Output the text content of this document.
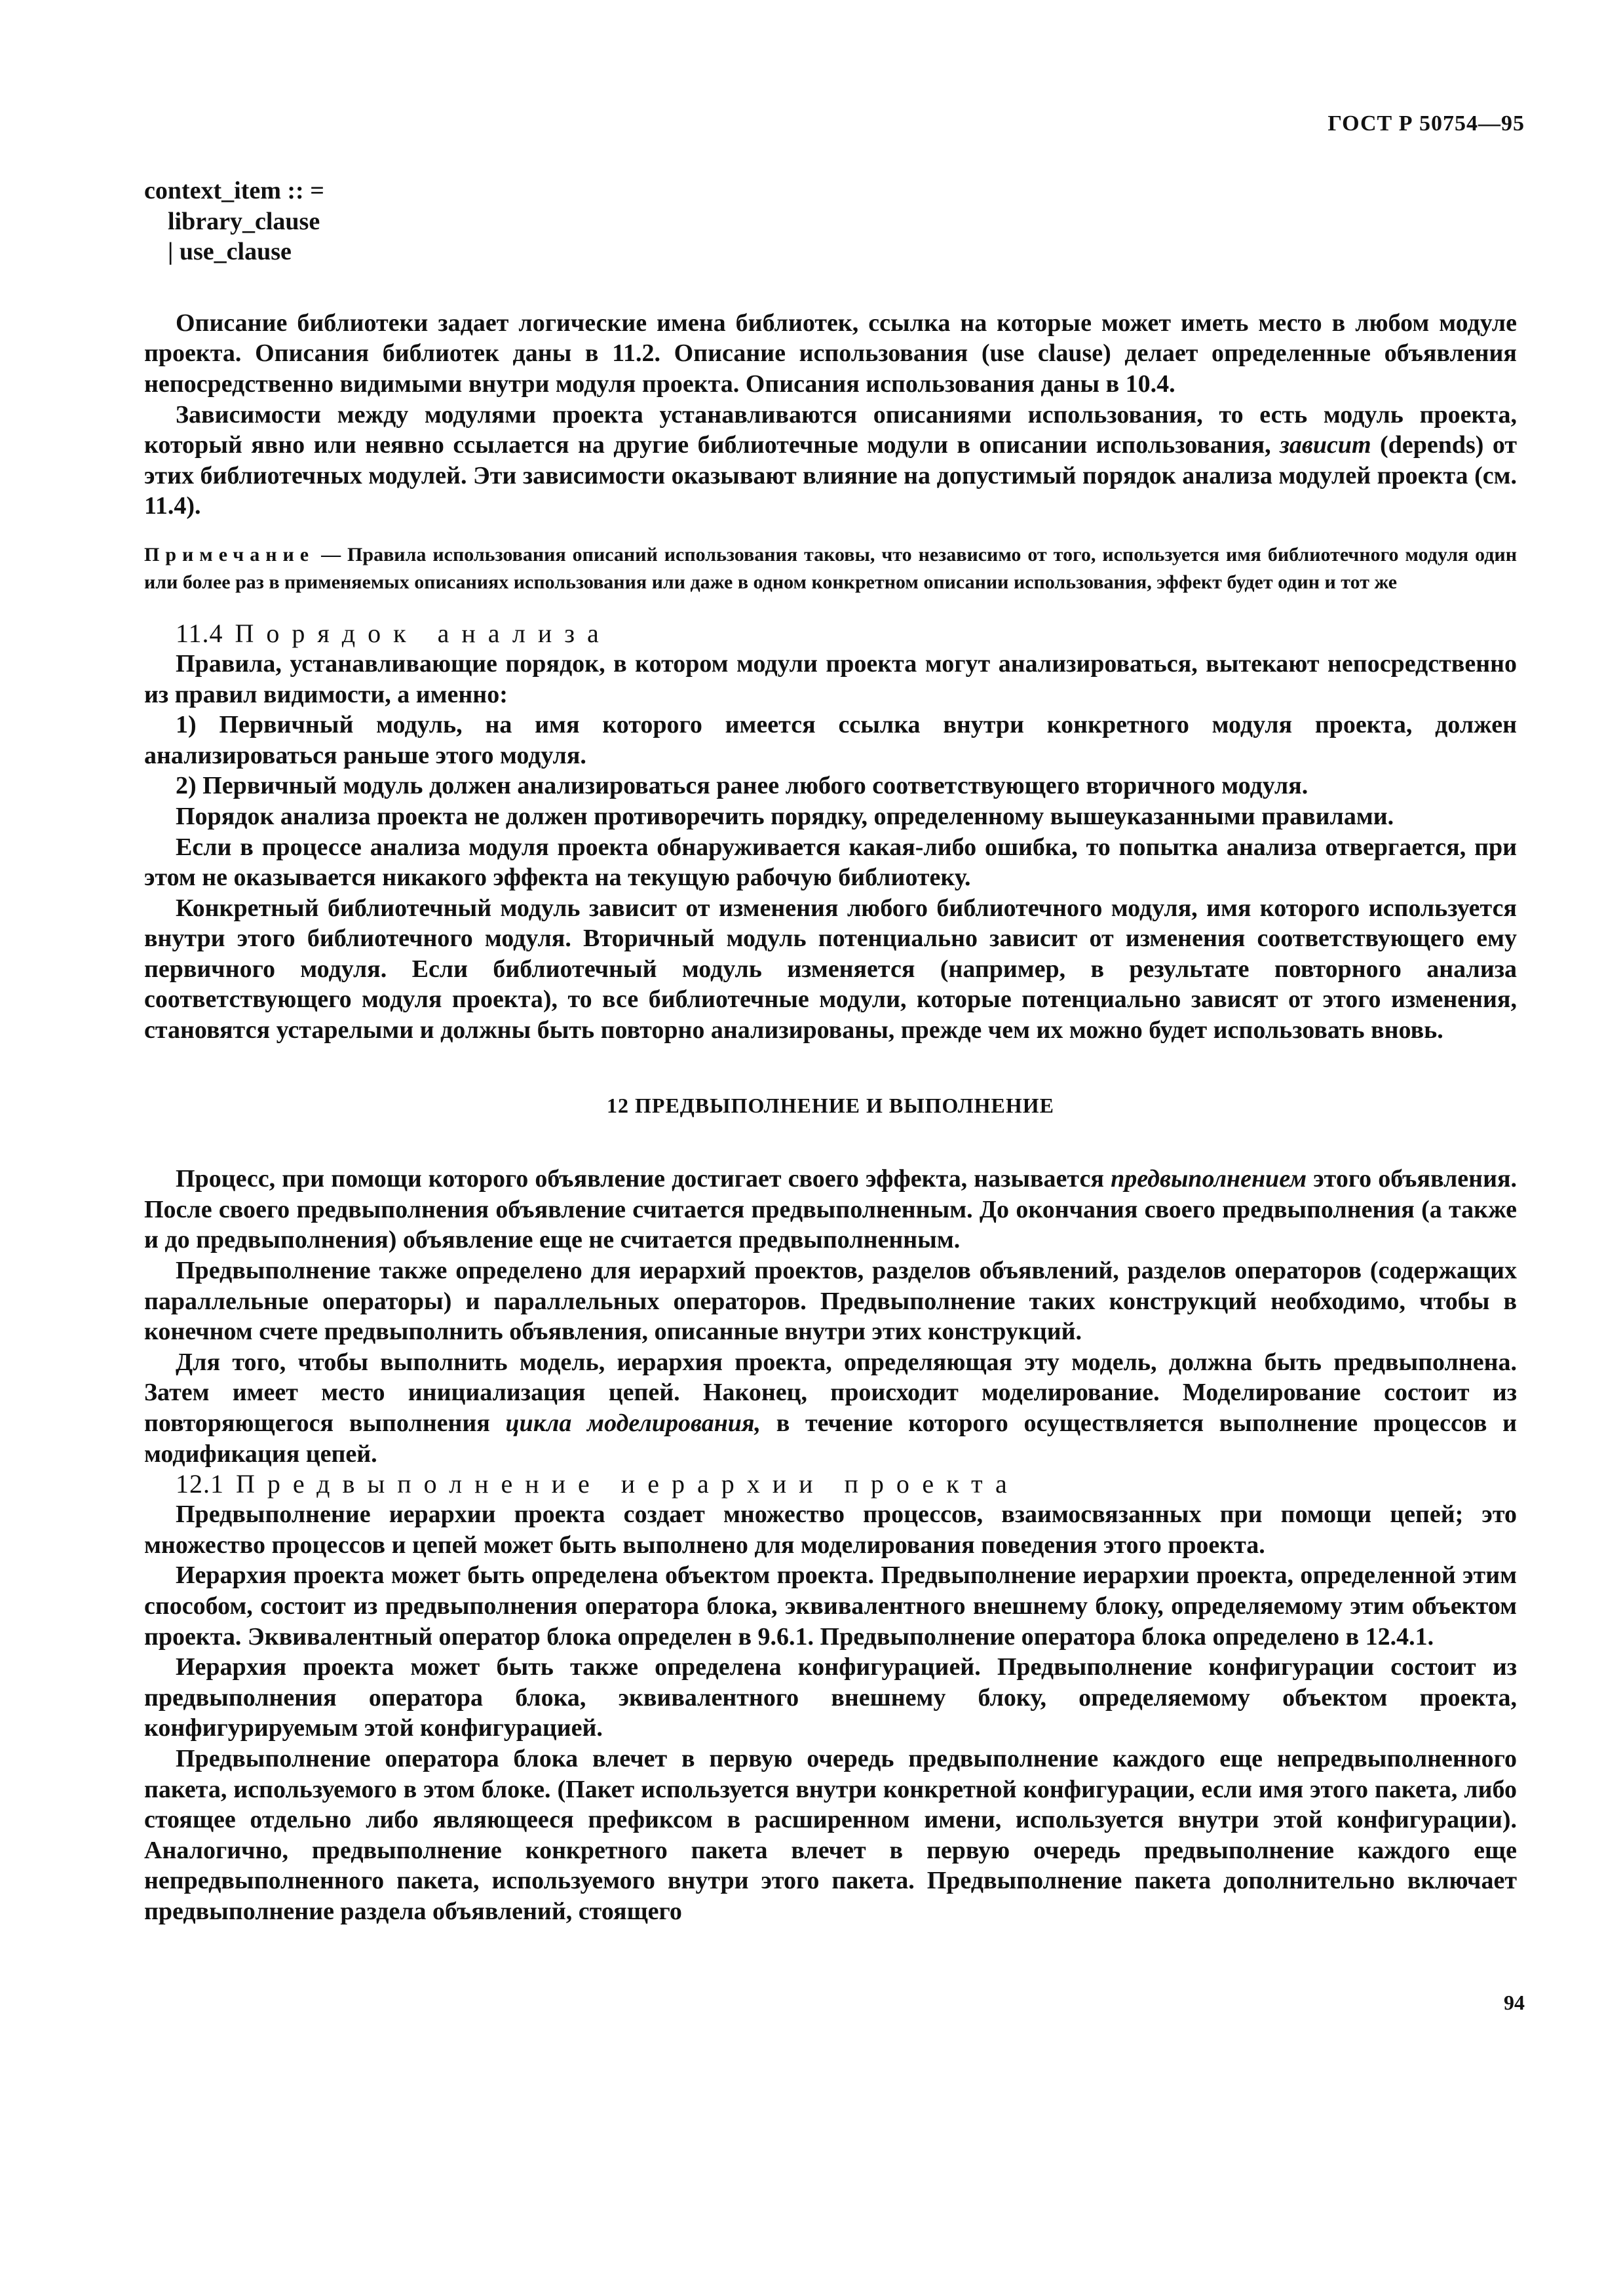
ГОСТ Р 50754—95
context_item :: =
library_clause
| use_clause

Описание библиотеки задает логические имена библиотек, ссылка на которые может иметь место в любом модуле проекта. Описания библиотек даны в 11.2. Описание использования (use clause) делает определенные объявления непосредственно видимыми внутри модуля проекта. Описания использования даны в 10.4.

Зависимости между модулями проекта устанавливаются описаниями использования, то есть модуль проекта, который явно или неявно ссылается на другие библиотечные модули в описании использования, зависит (depends) от этих библиотечных модулей. Эти зависимости оказывают влияние на допустимый порядок анализа модулей проекта (см. 11.4).

Примечание — Правила использования описаний использования таковы, что независимо от того, используется имя библиотечного модуля один или более раз в применяемых описаниях использования или даже в одном конкретном описании использования, эффект будет один и тот же

11.4 Порядок анализа

Правила, устанавливающие порядок, в котором модули проекта могут анализироваться, вытекают непосредственно из правил видимости, а именно:

1) Первичный модуль, на имя которого имеется ссылка внутри конкретного модуля проекта, должен анализироваться раньше этого модуля.

2) Первичный модуль должен анализироваться ранее любого соответствующего вторичного модуля.

Порядок анализа проекта не должен противоречить порядку, определенному вышеуказанными правилами.

Если в процессе анализа модуля проекта обнаруживается какая-либо ошибка, то попытка анализа отвергается, при этом не оказывается никакого эффекта на текущую рабочую библиотеку.

Конкретный библиотечный модуль зависит от изменения любого библиотечного модуля, имя которого используется внутри этого библиотечного модуля. Вторичный модуль потенциально зависит от изменения соответствующего ему первичного модуля. Если библиотечный модуль изменяется (например, в результате повторного анализа соответствующего модуля проекта), то все библиотечные модули, которые потенциально зависят от этого изменения, становятся устарелыми и должны быть повторно анализированы, прежде чем их можно будет использовать вновь.

12 ПРЕДВЫПОЛНЕНИЕ И ВЫПОЛНЕНИЕ

Процесс, при помощи которого объявление достигает своего эффекта, называется предвыполнением этого объявления. После своего предвыполнения объявление считается предвыполненным. До окончания своего предвыполнения (а также и до предвыполнения) объявление еще не считается предвыполненным.

Предвыполнение также определено для иерархий проектов, разделов объявлений, разделов операторов (содержащих параллельные операторы) и параллельных операторов. Предвыполнение таких конструкций необходимо, чтобы в конечном счете предвыполнить объявления, описанные внутри этих конструкций.

Для того, чтобы выполнить модель, иерархия проекта, определяющая эту модель, должна быть предвыполнена. Затем имеет место инициализация цепей. Наконец, происходит моделирование. Моделирование состоит из повторяющегося выполнения цикла моделирования, в течение которого осуществляется выполнение процессов и модификация цепей.

12.1 Предвыполнение иерархии проекта

Предвыполнение иерархии проекта создает множество процессов, взаимосвязанных при помощи цепей; это множество процессов и цепей может быть выполнено для моделирования поведения этого проекта.

Иерархия проекта может быть определена объектом проекта. Предвыполнение иерархии проекта, определенной этим способом, состоит из предвыполнения оператора блока, эквивалентного внешнему блоку, определяемому этим объектом проекта. Эквивалентный оператор блока определен в 9.6.1. Предвыполнение оператора блока определено в 12.4.1.

Иерархия проекта может быть также определена конфигурацией. Предвыполнение конфигурации состоит из предвыполнения оператора блока, эквивалентного внешнему блоку, определяемому объектом проекта, конфигурируемым этой конфигурацией.

Предвыполнение оператора блока влечет в первую очередь предвыполнение каждого еще непредвыполненного пакета, используемого в этом блоке. (Пакет используется внутри конкретной конфигурации, если имя этого пакета, либо стоящее отдельно либо являющееся префиксом в расширенном имени, используется внутри этой конфигурации). Аналогично, предвыполнение конкретного пакета влечет в первую очередь предвыполнение каждого еще непредвыполненного пакета, используемого внутри этого пакета. Предвыполнение пакета дополнительно включает предвыполнение раздела объявлений, стоящего

94
